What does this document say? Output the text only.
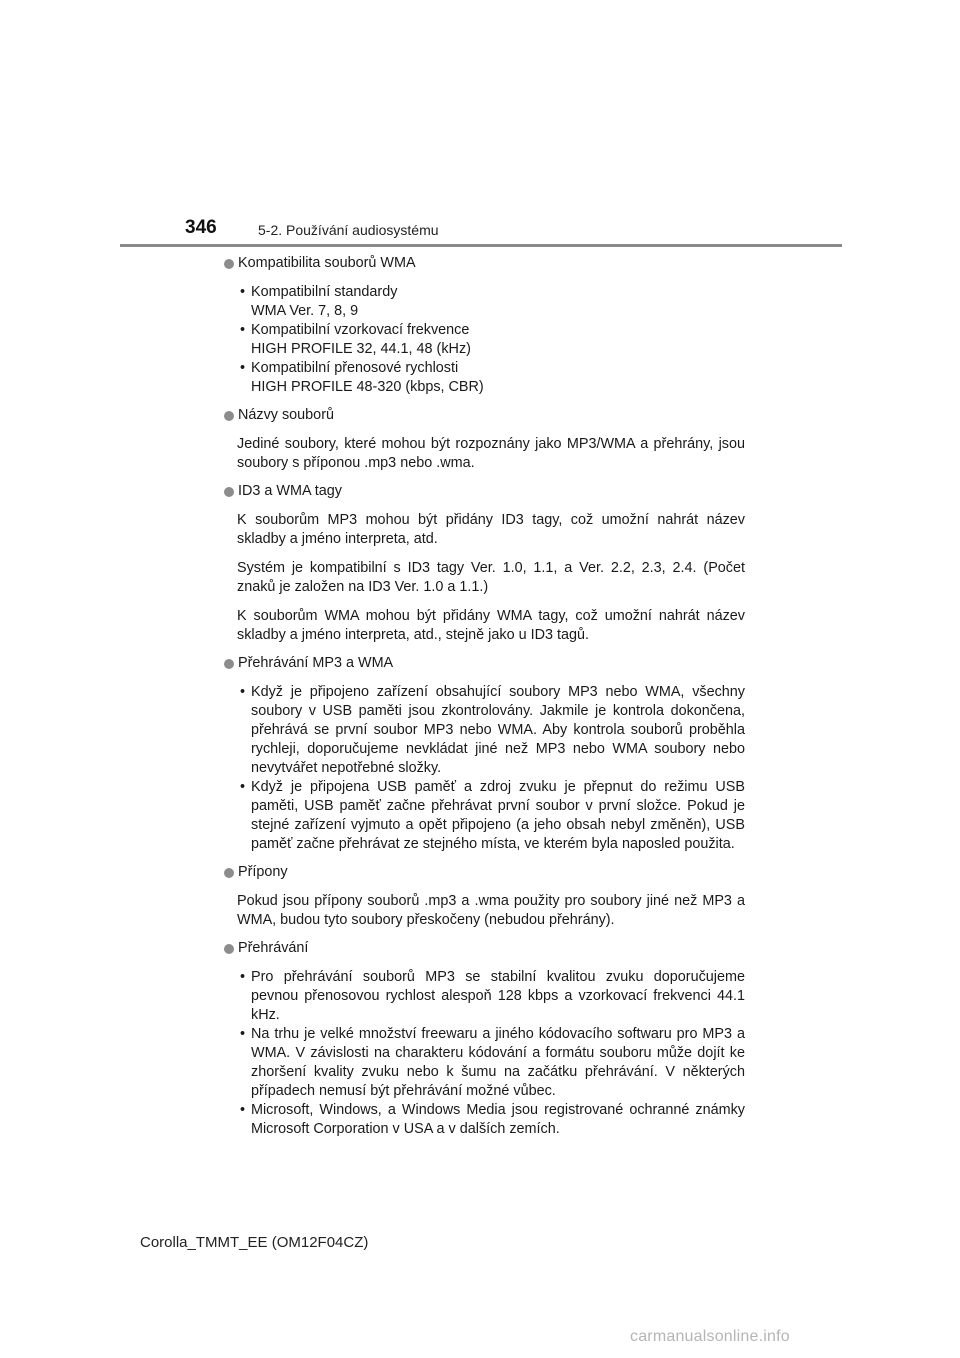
346	5-2. Používání audiosystému
Kompatibilita souborů WMA
• Kompatibilní standardy
WMA Ver. 7, 8, 9
• Kompatibilní vzorkovací frekvence
HIGH PROFILE 32, 44.1, 48 (kHz)
• Kompatibilní přenosové rychlosti
HIGH PROFILE 48-320 (kbps, CBR)
Názvy souborů

Jediné soubory, které mohou být rozpoznány jako MP3/WMA a přehrány, jsou soubory s příponou .mp3 nebo .wma.

ID3 a WMA tagy

K souborům MP3 mohou být přidány ID3 tagy, což umožní nahrát název skladby a jméno interpreta, atd.

Systém je kompatibilní s ID3 tagy Ver. 1.0, 1.1, a Ver. 2.2, 2.3, 2.4. (Počet znaků je založen na ID3 Ver. 1.0 a 1.1.)

K souborům WMA mohou být přidány WMA tagy, což umožní nahrát název skladby a jméno interpreta, atd., stejně jako u ID3 tagů.

Přehrávání MP3 a WMA
• Když je připojeno zařízení obsahující soubory MP3 nebo WMA, všechny soubory v USB paměti jsou zkontrolovány. Jakmile je kontrola dokončena, přehrává se první soubor MP3 nebo WMA. Aby kontrola souborů proběhla rychleji, doporučujeme nevkládat jiné než MP3 nebo WMA soubory nebo nevytvářet nepotřebné složky.
• Když je připojena USB paměť a zdroj zvuku je přepnut do režimu USB paměti, USB paměť začne přehrávat první soubor v první složce. Pokud je stejné zařízení vyjmuto a opět připojeno (a jeho obsah nebyl změněn), USB paměť začne přehrávat ze stejného místa, ve kterém byla naposled použita.
Přípony

Pokud jsou přípony souborů .mp3 a .wma použity pro soubory jiné než MP3 a WMA, budou tyto soubory přeskočeny (nebudou přehrány).

Přehrávání
• Pro přehrávání souborů MP3 se stabilní kvalitou zvuku doporučujeme pevnou přenosovou rychlost alespoň 128 kbps a vzorkovací frekvenci 44.1 kHz.
• Na trhu je velké množství freewaru a jiného kódovacího softwaru pro MP3 a WMA. V závislosti na charakteru kódování a formátu souboru může dojít ke zhoršení kvality zvuku nebo k šumu na začátku přehrávání. V některých případech nemusí být přehrávání možné vůbec.
• Microsoft, Windows, a Windows Media jsou registrované ochranné známky Microsoft Corporation v USA a v dalších zemích.
Corolla_TMMT_EE (OM12F04CZ)
carmanualsonline.info
